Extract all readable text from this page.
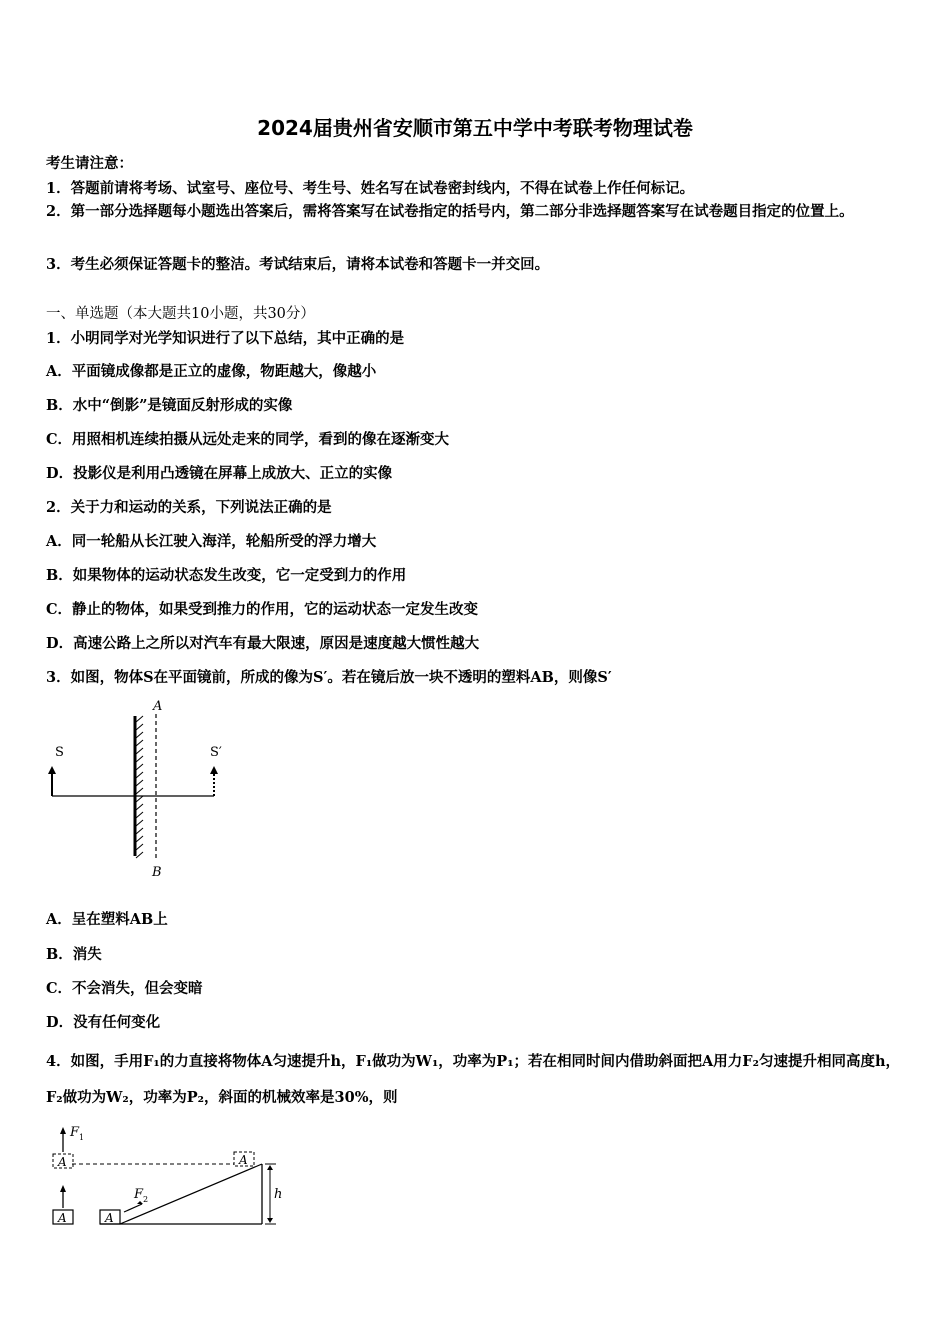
2024届贵州省安顺市第五中学中考联考物理试卷
考生请注意：
1．答题前请将考场、试室号、座位号、考生号、姓名写在试卷密封线内，不得在试卷上作任何标记。
2．第一部分选择题每小题选出答案后，需将答案写在试卷指定的括号内，第二部分非选择题答案写在试卷题目指定的位置上。
3．考生必须保证答题卡的整洁。考试结束后，请将本试卷和答题卡一并交回。
一、单选题（本大题共10小题，共30分）
1．小明同学对光学知识进行了以下总结，其中正确的是
A．平面镜成像都是正立的虚像，物距越大，像越小
B．水中“倒影”是镜面反射形成的实像
C．用照相机连续拍摄从远处走来的同学，看到的像在逐渐变大
D．投影仪是利用凸透镜在屏幕上成放大、正立的实像
2．关于力和运动的关系，下列说法正确的是
A．同一轮船从长江驶入海洋，轮船所受的浮力增大
B．如果物体的运动状态发生改变，它一定受到力的作用
C．静止的物体，如果受到推力的作用，它的运动状态一定发生改变
D．高速公路上之所以对汽车有最大限速，原因是速度越大惯性越大
3．如图，物体S在平面镜前，所成的像为S′。若在镜后放一块不透明的塑料AB，则像S′
A
B
S	S′
A．呈在塑料AB上
B．消失
C．不会消失，但会变暗
D．没有任何变化
4．如图，手用F₁的力直接将物体A匀速提升h，F₁做功为W₁，功率为P₁；若在相同时间内借助斜面把A用力F₂匀速提升相同高度h，F₂做功为W₂，功率为P₂，斜面的机械效率是30%，则
A
F 1
A	A
A
F 2	h
